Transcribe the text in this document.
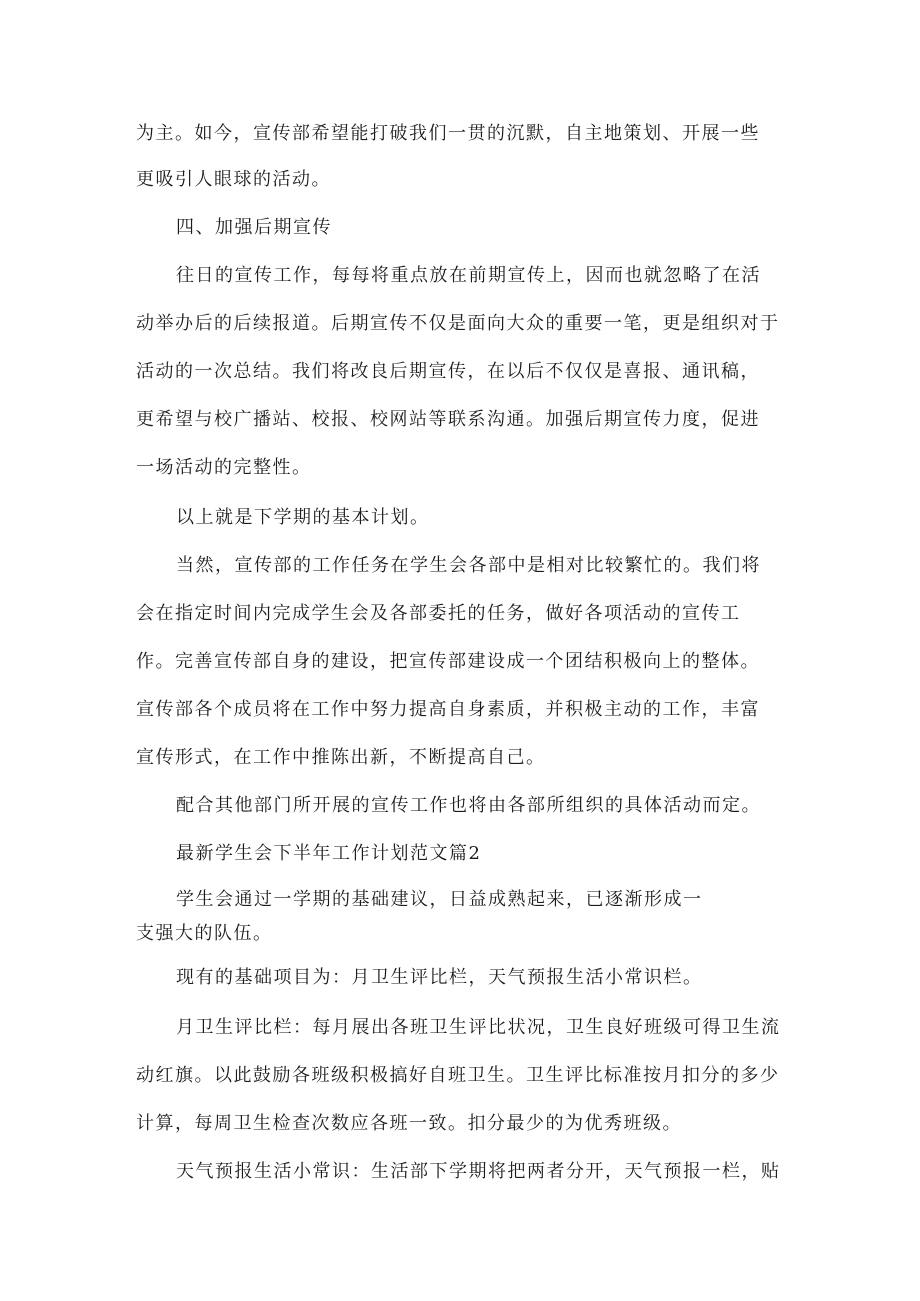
为主。如今，宣传部希望能打破我们一贯的沉默，自主地策划、开展一些
更吸引人眼球的活动。
四、加强后期宣传
往日的宣传工作，每每将重点放在前期宣传上，因而也就忽略了在活
动举办后的后续报道。后期宣传不仅是面向大众的重要一笔，更是组织对于
活动的一次总结。我们将改良后期宣传，在以后不仅仅是喜报、通讯稿，
更希望与校广播站、校报、校网站等联系沟通。加强后期宣传力度，促进
一场活动的完整性。
以上就是下学期的基本计划。
当然，宣传部的工作任务在学生会各部中是相对比较繁忙的。我们将
会在指定时间内完成学生会及各部委托的任务，做好各项活动的宣传工
作。完善宣传部自身的建设，把宣传部建设成一个团结积极向上的整体。
宣传部各个成员将在工作中努力提高自身素质，并积极主动的工作，丰富
宣传形式，在工作中推陈出新，不断提高自己。
配合其他部门所开展的宣传工作也将由各部所组织的具体活动而定。
最新学生会下半年工作计划范文篇2
学生会通过一学期的基础建议，日益成熟起来，已逐渐形成一
支强大的队伍。
现有的基础项目为：月卫生评比栏，天气预报生活小常识栏。
月卫生评比栏：每月展出各班卫生评比状况，卫生良好班级可得卫生流
动红旗。以此鼓励各班级积极搞好自班卫生。卫生评比标准按月扣分的多少
计算，每周卫生检查次数应各班一致。扣分最少的为优秀班级。
天气预报生活小常识：生活部下学期将把两者分开，天气预报一栏，贴
